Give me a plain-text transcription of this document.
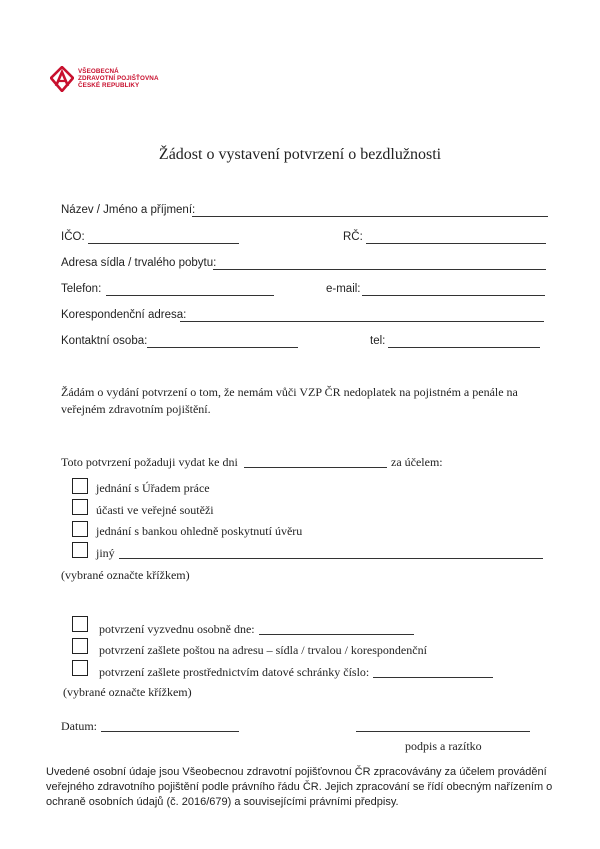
VŠEOBECNÁ
ZDRAVOTNÍ POJIŠŤOVNA
ČESKÉ REPUBLIKY
Žádost o vystavení potvrzení o bezdlužnosti
Název / Jméno a příjmení:
IČO:	RČ:
Adresa sídla / trvalého pobytu:
Telefon:	e-mail:
Korespondenční adresa:
Kontaktní osoba:	tel:
Žádám o vydání potvrzení o tom, že nemám vůči VZP ČR nedoplatek na pojistném a penále na veřejném zdravotním pojištění.
Toto potvrzení požaduji vydat ke dni	za účelem:
jednání s Úřadem práce
účasti ve veřejné soutěži
jednání s bankou ohledně poskytnutí úvěru
jiný
(vybrané označte křížkem)
potvrzení vyzvednu osobně dne:
potvrzení zašlete poštou na adresu – sídla / trvalou / korespondenční
potvrzení zašlete prostřednictvím datové schránky číslo:
(vybrané označte křížkem)
Datum:
podpis a razítko
Uvedené osobní údaje jsou Všeobecnou zdravotní pojišťovnou ČR zpracovávány za účelem provádění veřejného zdravotního pojištění podle právního řádu ČR. Jejich zpracování se řídí obecným nařízením o ochraně osobních údajů (č. 2016/679) a souvisejícími právními předpisy.
